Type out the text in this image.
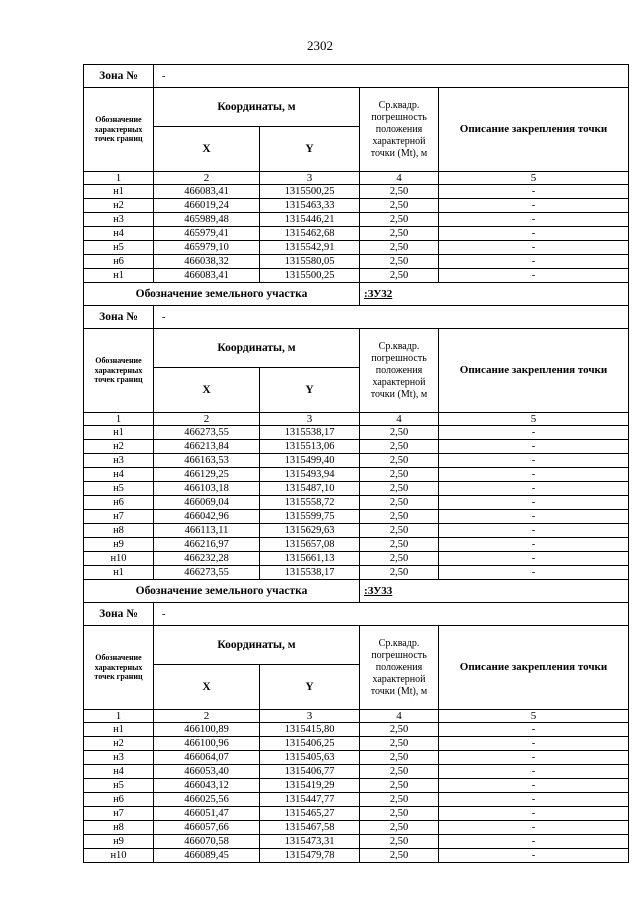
2302
Зона №	-			
Обозначение характерных точек границ	Координаты, м		Ср.квадр. погрешность положения характерной точки (Mt), м	Описание закрепления точки
	X	Y		
1	2	3	4	5
н1	466083,41	1315500,25	2,50	-
н2	466019,24	1315463,33	2,50	-
н3	465989,48	1315446,21	2,50	-
н4	465979,41	1315462,68	2,50	-
н5	465979,10	1315542,91	2,50	-
н6	466038,32	1315580,05	2,50	-
н1	466083,41	1315500,25	2,50	-
Обозначение земельного участка			:ЗУ32	
Зона №	-			
Обозначение характерных точек границ	Координаты, м		Ср.квадр. погрешность положения характерной точки (Mt), м	Описание закрепления точки
	X	Y		
1	2	3	4	5
н1	466273,55	1315538,17	2,50	-
н2	466213,84	1315513,06	2,50	-
н3	466163,53	1315499,40	2,50	-
н4	466129,25	1315493,94	2,50	-
н5	466103,18	1315487,10	2,50	-
н6	466069,04	1315558,72	2,50	-
н7	466042,96	1315599,75	2,50	-
н8	466113,11	1315629,63	2,50	-
н9	466216,97	1315657,08	2,50	-
н10	466232,28	1315661,13	2,50	-
н1	466273,55	1315538,17	2,50	-
Обозначение земельного участка			:ЗУ33	
Зона №	-			
Обозначение характерных точек границ	Координаты, м		Ср.квадр. погрешность положения характерной точки (Mt), м	Описание закрепления точки
	X	Y		
1	2	3	4	5
н1	466100,89	1315415,80	2,50	-
н2	466100,96	1315406,25	2,50	-
н3	466064,07	1315405,63	2,50	-
н4	466053,40	1315406,77	2,50	-
н5	466043,12	1315419,29	2,50	-
н6	466025,56	1315447,77	2,50	-
н7	466051,47	1315465,27	2,50	-
н8	466057,66	1315467,58	2,50	-
н9	466070,58	1315473,31	2,50	-
н10	466089,45	1315479,78	2,50	-
